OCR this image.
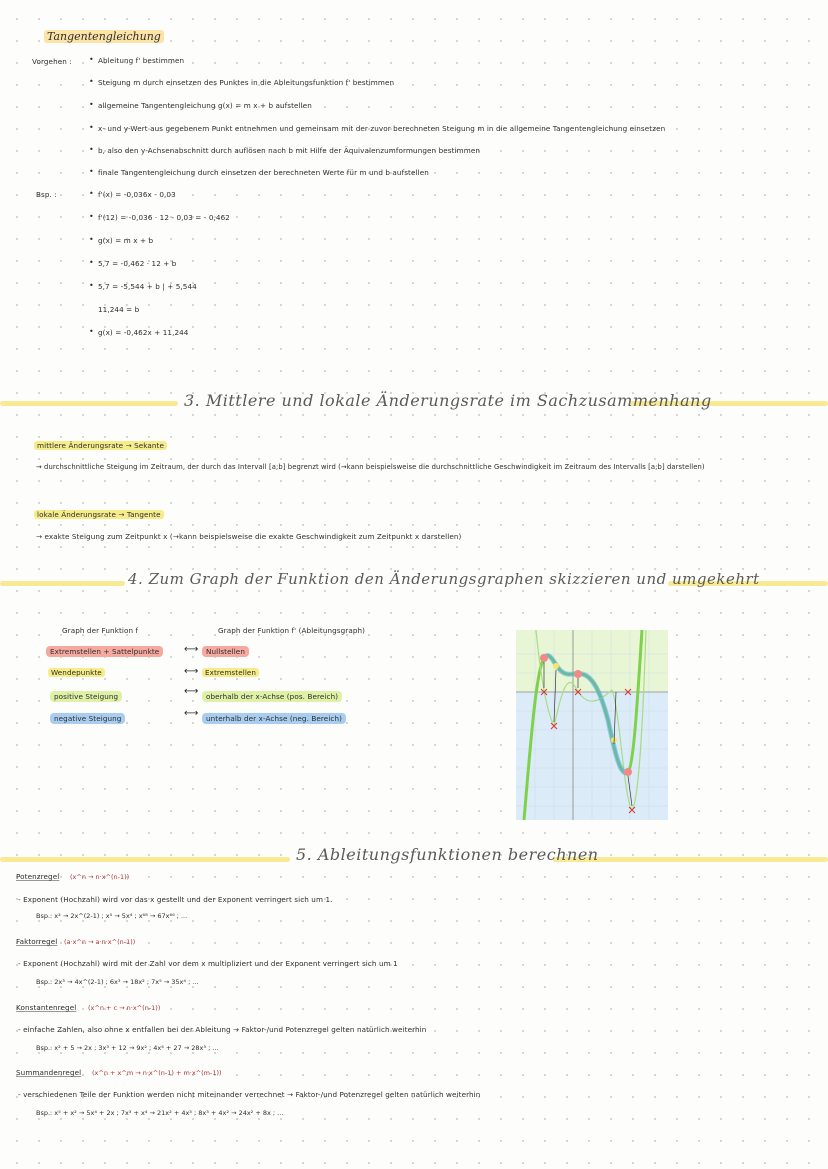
Tangentengleichung
Vorgehen :	• Ableitung f' bestimmen
• Steigung m durch einsetzen des Punktes in die Ableitungsfunktion f' bestimmen
• allgemeine Tangentengleichung g(x) = m x + b aufstellen
• x- und y-Wert aus gegebenem Punkt entnehmen und gemeinsam mit der zuvor berechneten Steigung m in die allgemeine Tangentengleichung einsetzen
• b, also den y-Achsenabschnitt durch auflösen nach b mit Hilfe der Äquivalenzumformungen bestimmen
• finale Tangentengleichung durch einsetzen der berechneten Werte für m und b aufstellen
Bsp. :	• f'(x) = -0,036x - 0,03
• f'(12) = -0,036 · 12 - 0,03 = - 0,462
• g(x) = m x + b
• 5,7 = -0,462 · 12 + b
• 5,7 = -5,544 + b | + 5,544
11,244 = b
• g(x) = -0,462x + 11,244
3. Mittlere und lokale Änderungsrate im Sachzusammenhang
mittlere Änderungsrate → Sekante
→ durchschnittliche Steigung im Zeitraum, der durch das Intervall [a;b] begrenzt wird (→kann beispielsweise die durchschnittliche Geschwindigkeit im Zeitraum des Intervalls [a;b] darstellen)
lokale Änderungsrate → Tangente
→ exakte Steigung zum Zeitpunkt x (→kann beispielsweise die exakte Geschwindigkeit zum Zeitpunkt x darstellen)
4. Zum Graph der Funktion den Änderungsgraphen skizzieren und umgekehrt
Graph der Funktion f	Graph der Funktion f' (Ableitungsgraph)
Extremstellen + Sattelpunkte	⟷	Nullstellen
Wendepunkte	⟷ Extremstellen
positive Steigung	⟷	oberhalb der x-Achse (pos. Bereich)
negative Steigung	⟷	unterhalb der x-Achse (neg. Bereich)
5. Ableitungsfunktionen berechnen
Potenzregel (x^n → n·x^(n-1))
- Exponent (Hochzahl) wird vor das x gestellt und der Exponent verringert sich um 1.
Bsp.: x² → 2x^(2-1) ; x⁵ → 5x⁴ ; x⁶⁸ → 67x⁶⁶ ; ...
Faktorregel (a·x^n → a·n·x^(n-1))
- Exponent (Hochzahl) wird mit der Zahl vor dem x multipliziert und der Exponent verringert sich um 1
Bsp.: 2x³ → 4x^(2-1) ; 6x³ → 18x² ; 7x⁵ → 35x⁴ ; ...
Konstantenregel (x^n + c → n·x^(n-1))
- einfache Zahlen, also ohne x entfallen bei der Ableitung → Faktor-/und Potenzregel gelten natürlich weiterhin
Bsp.: x² + 5 → 2x ; 3x³ + 12 → 9x² ; 4x⁴ + 27 → 28x³ ; ...
Summandenregel (x^n + x^m → n·x^(n-1) + m·x^(m-1))
- verschiedenen Teile der Funktion werden nicht miteinander verrechnet → Faktor-/und Potenzregel gelten natürlich weiterhin
Bsp.: x⁵ + x² → 5x⁴ + 2x ; 7x³ + x⁴ → 21x² + 4x³ ; 8x³ + 4x² → 24x² + 8x ; ...
